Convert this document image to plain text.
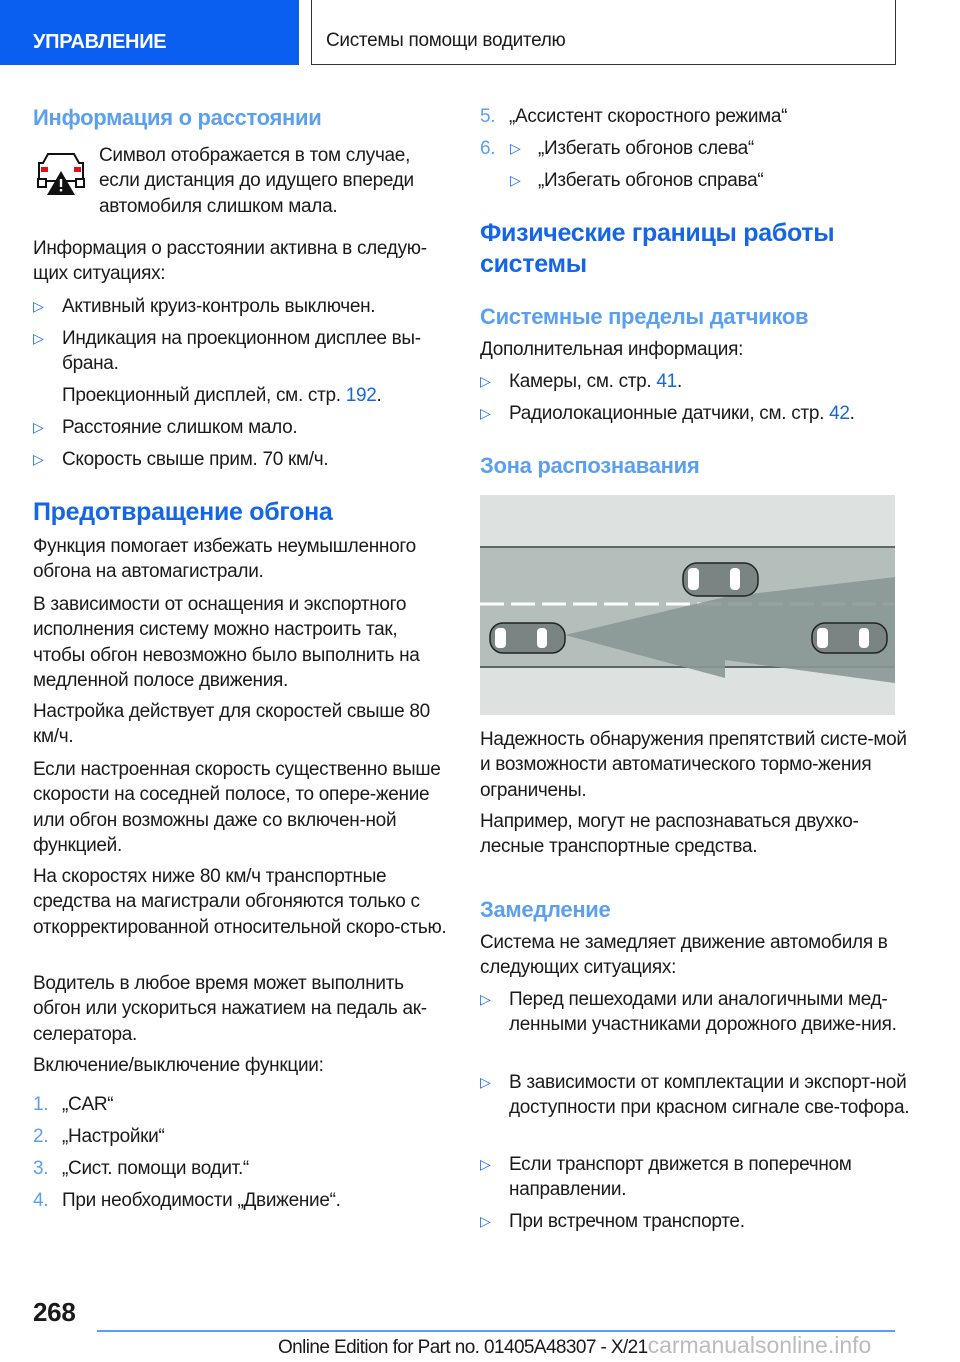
УПРАВЛЕНИЕ	Системы помощи водителю
Информация о расстоянии

Символ отображается в том случае, если дистанция до идущего впереди автомобиля слишком мала.

Информация о расстоянии активна в следую-щих ситуациях:

▷ Активный круиз-контроль выключен.
▷ Индикация на проекционном дисплее вы-брана.
Проекционный дисплей, см. стр. 192.
▷ Расстояние слишком мало.
▷ Скорость свыше прим. 70 км/ч.
Предотвращение обгона

Функция помогает избежать неумышленного обгона на автомагистрали.

В зависимости от оснащения и экспортного исполнения систему можно настроить так, чтобы обгон невозможно было выполнить на медленной полосе движения.

Настройка действует для скоростей свыше 80 км/ч.

Если настроенная скорость существенно выше скорости на соседней полосе, то опере-жение или обгон возможны даже со включен-ной функцией.

На скоростях ниже 80 км/ч транспортные средства на магистрали обгоняются только с откорректированной относительной скоро-стью.

Водитель в любое время может выполнить обгон или ускориться нажатием на педаль ак-селератора.

Включение/выключение функции:

1. „CAR“
2. „Настройки“
3. „Сист. помощи водит.“
4. При необходимости „Движение“.
5. „Ассистент скоростного режима“
6. ▷ „Избегать обгонов слева“
▷ „Избегать обгонов справа“
Физические границы работы системы
Системные пределы датчиков

Дополнительная информация:

▷ Камеры, см. стр. 41.
▷ Радиолокационные датчики, см. стр. 42.
Зона распознавания

Надежность обнаружения препятствий систе-мой и возможности автоматического тормо-жения ограничены.

Например, могут не распознаваться двухко-лесные транспортные средства.

Замедление

Система не замедляет движение автомобиля в следующих ситуациях:

▷ Перед пешеходами или аналогичными мед-ленными участниками дорожного движе-ния.
▷ В зависимости от комплектации и экспорт-ной доступности при красном сигнале све-тофора.
▷ Если транспорт движется в поперечном направлении.
▷ При встречном транспорте.
268
Online Edition for Part no. 01405A48307 - X/21carmanualsonline.info
